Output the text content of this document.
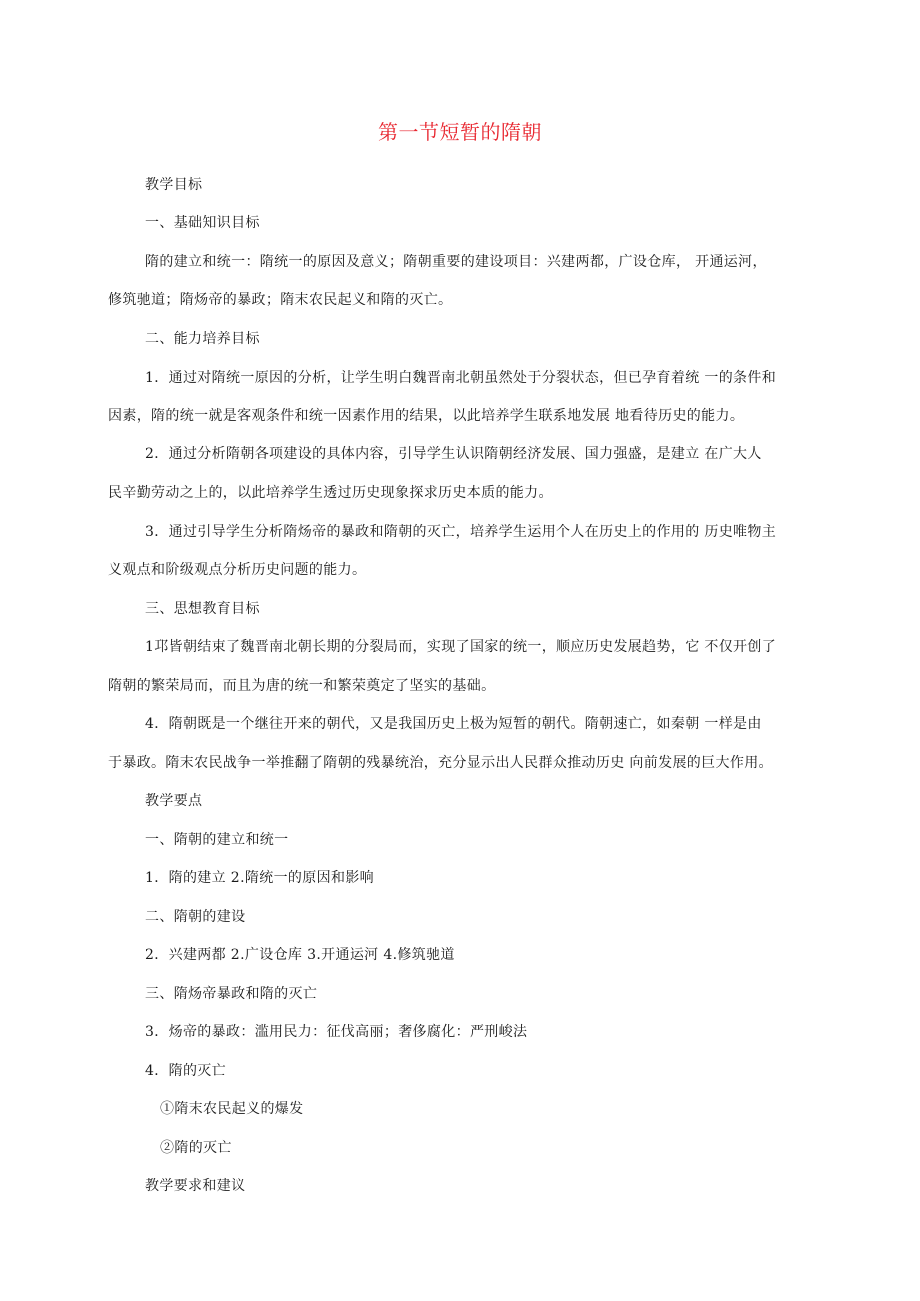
第一节短暂的隋朝
教学目标
一、基础知识目标
隋的建立和统一：隋统一的原因及意义；隋朝重要的建设项目：兴建两都，广设仓库， 开通运河，
修筑驰道；隋炀帝的暴政；隋末农民起义和隋的灭亡。
二、能力培养目标
1．通过对隋统一原因的分析，让学生明白魏晋南北朝虽然处于分裂状态，但已孕育着统 一的条件和
因素，隋的统一就是客观条件和统一因素作用的结果，以此培养学生联系地发展 地看待历史的能力。
2．通过分析隋朝各项建设的具体内容，引导学生认识隋朝经济发展、国力强盛，是建立 在广大人
民辛勤劳动之上的，以此培养学生透过历史现象探求历史本质的能力。
3．通过引导学生分析隋炀帝的暴政和隋朝的灭亡，培养学生运用个人在历史上的作用的 历史唯物主
义观点和阶级观点分析历史问题的能力。
三、思想教育目标
1邛皆朝结束了魏晋南北朝长期的分裂局而，实现了国家的统一，顺应历史发展趋势，它 不仅开创了
隋朝的繁荣局而，而且为唐的统一和繁荣奠定了坚实的基础。
4．隋朝既是一个继往开来的朝代，又是我国历史上极为短暂的朝代。隋朝速亡，如秦朝 一样是由
于暴政。隋末农民战争一举推翻了隋朝的残暴统治，充分显示出人民群众推动历史 向前发展的巨大作用。
教学要点
一、隋朝的建立和统一
1．隋的建立 2.隋统一的原因和影响
二、隋朝的建设
2．兴建两都 2.广设仓库 3.开通运河 4.修筑驰道
三、隋炀帝暴政和隋的灭亡
3．炀帝的暴政：滥用民力：征伐高丽；奢侈腐化：严刑峻法
4．隋的灭亡
①隋末农民起义的爆发
②隋的灭亡
教学要求和建议
